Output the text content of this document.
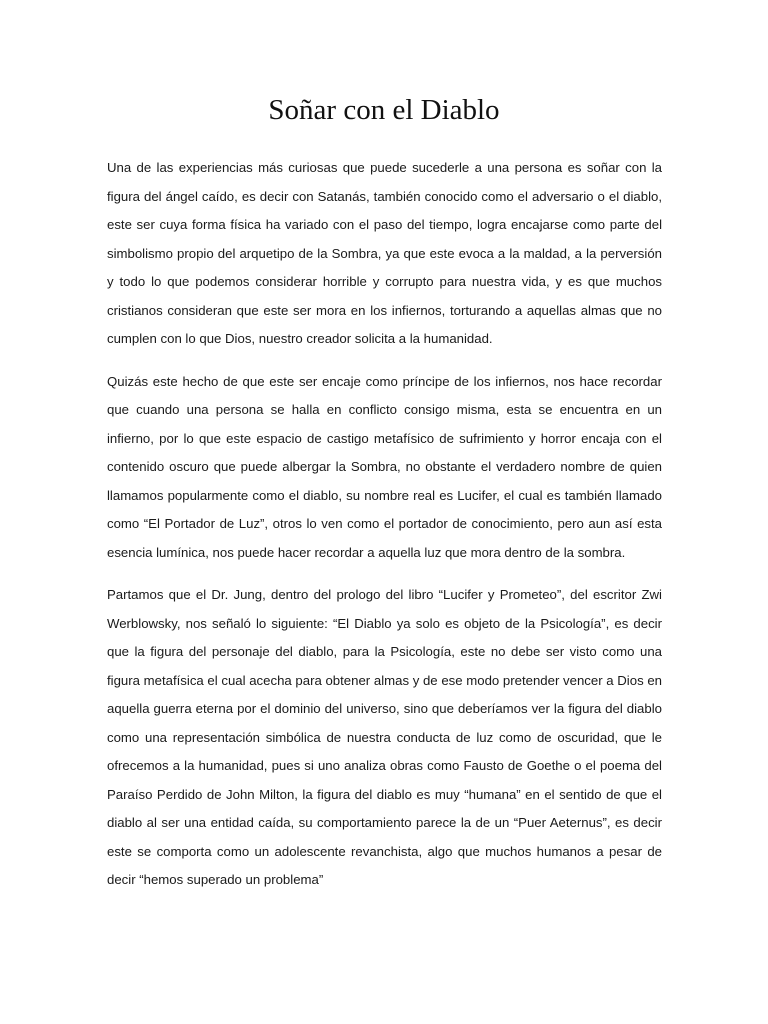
Soñar con el Diablo

Una de las experiencias más curiosas que puede sucederle a una persona es soñar con la figura del ángel caído, es decir con Satanás, también conocido como el adversario o el diablo, este ser cuya forma física ha variado con el paso del tiempo, logra encajarse como parte del simbolismo propio del arquetipo de la Sombra, ya que este evoca a la maldad, a la perversión y todo lo que podemos considerar horrible y corrupto para nuestra vida, y es que muchos cristianos consideran que este ser mora en los infiernos, torturando a aquellas almas que no cumplen con lo que Dios, nuestro creador solicita a la humanidad.

Quizás este hecho de que este ser encaje como príncipe de los infiernos, nos hace recordar que cuando una persona se halla en conflicto consigo misma, esta se encuentra en un infierno, por lo que este espacio de castigo metafísico de sufrimiento y horror encaja con el contenido oscuro que puede albergar la Sombra, no obstante el verdadero nombre de quien llamamos popularmente como el diablo, su nombre real es Lucifer, el cual es también llamado como “El Portador de Luz”, otros lo ven como el portador de conocimiento, pero aun así esta esencia lumínica, nos puede hacer recordar a aquella luz que mora dentro de la sombra.

Partamos que el Dr. Jung, dentro del prologo del libro “Lucifer y Prometeo”, del escritor Zwi Werblowsky, nos señaló lo siguiente: “El Diablo ya solo es objeto de la Psicología”, es decir que la figura del personaje del diablo, para la Psicología, este no debe ser visto como una figura metafísica el cual acecha para obtener almas y de ese modo pretender vencer a Dios en aquella guerra eterna por el dominio del universo, sino que deberíamos ver la figura del diablo como una representación simbólica de nuestra conducta de luz como de oscuridad, que le ofrecemos a la humanidad, pues si uno analiza obras como Fausto de Goethe o el poema del Paraíso Perdido de John Milton, la figura del diablo es muy “humana” en el sentido de que el diablo al ser una entidad caída, su comportamiento parece la de un “Puer Aeternus”, es decir este se comporta como un adolescente revanchista, algo que muchos humanos a pesar de decir “hemos superado un problema”
